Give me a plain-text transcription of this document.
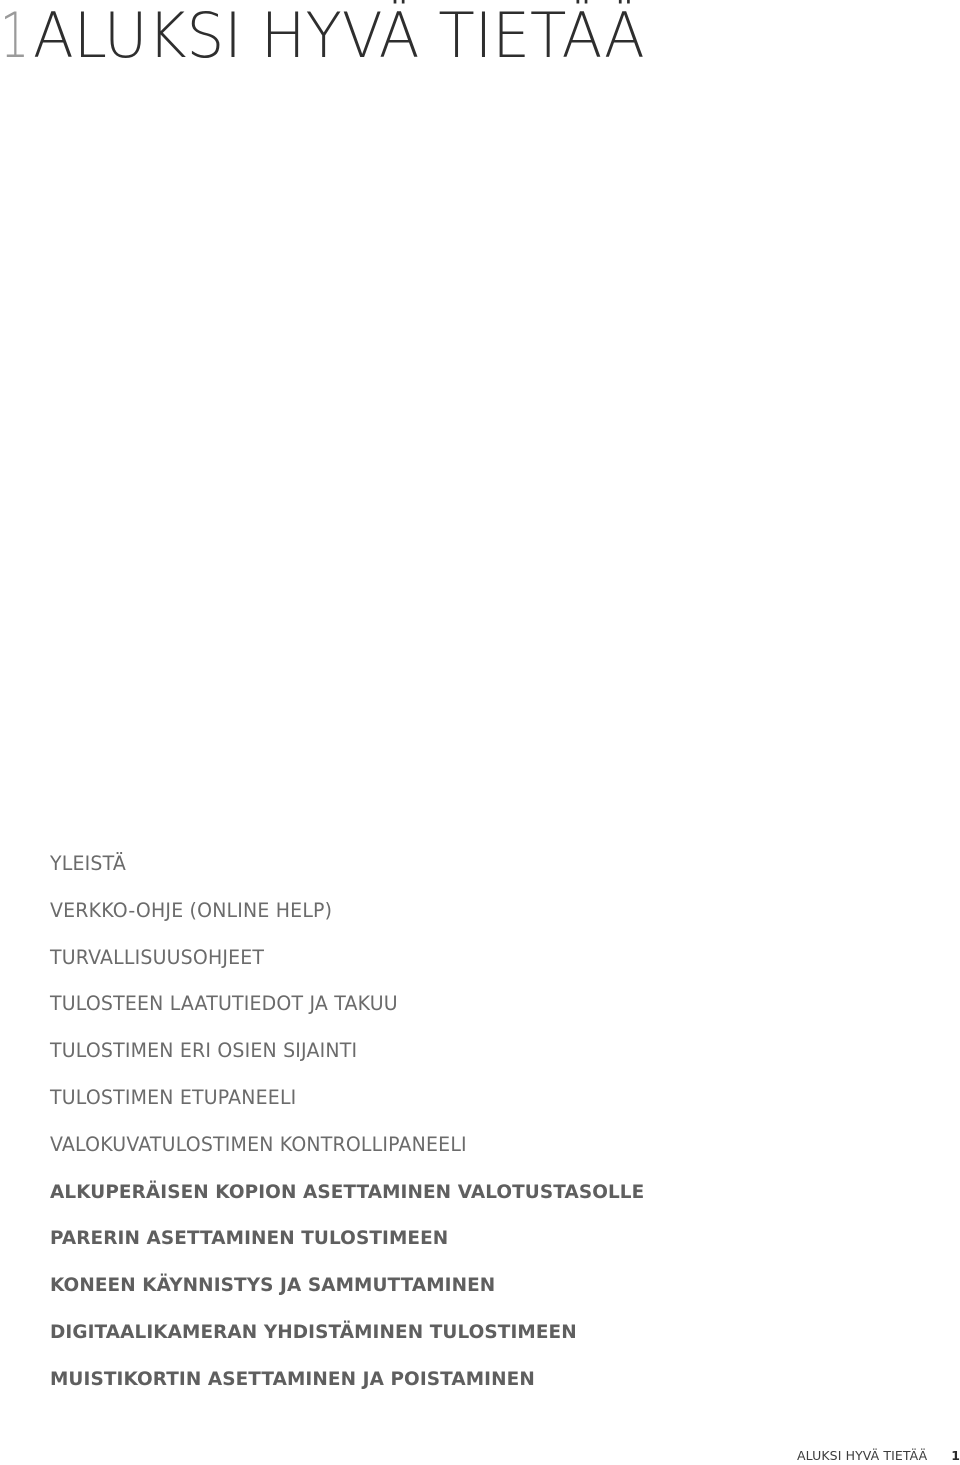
1 ALUKSI HYVÄ TIETÄÄ
YLEISTÄ
VERKKO-OHJE (ONLINE HELP)
TURVALLISUUSOHJEET
TULOSTEEN LAATUTIEDOT JA TAKUU
TULOSTIMEN ERI OSIEN SIJAINTI
TULOSTIMEN ETUPANEELI
VALOKUVATULOSTIMEN KONTROLLIPANEELI
ALKUPERÄISEN KOPION ASETTAMINEN VALOTUSTASOLLE
PARERIN ASETTAMINEN TULOSTIMEEN
KONEEN KÄYNNISTYS JA SAMMUTTAMINEN
DIGITAALIKAMERAN YHDISTÄMINEN TULOSTIMEEN
MUISTIKORTIN ASETTAMINEN JA POISTAMINEN
ALUKSI HYVÄ TIETÄÄ 1
